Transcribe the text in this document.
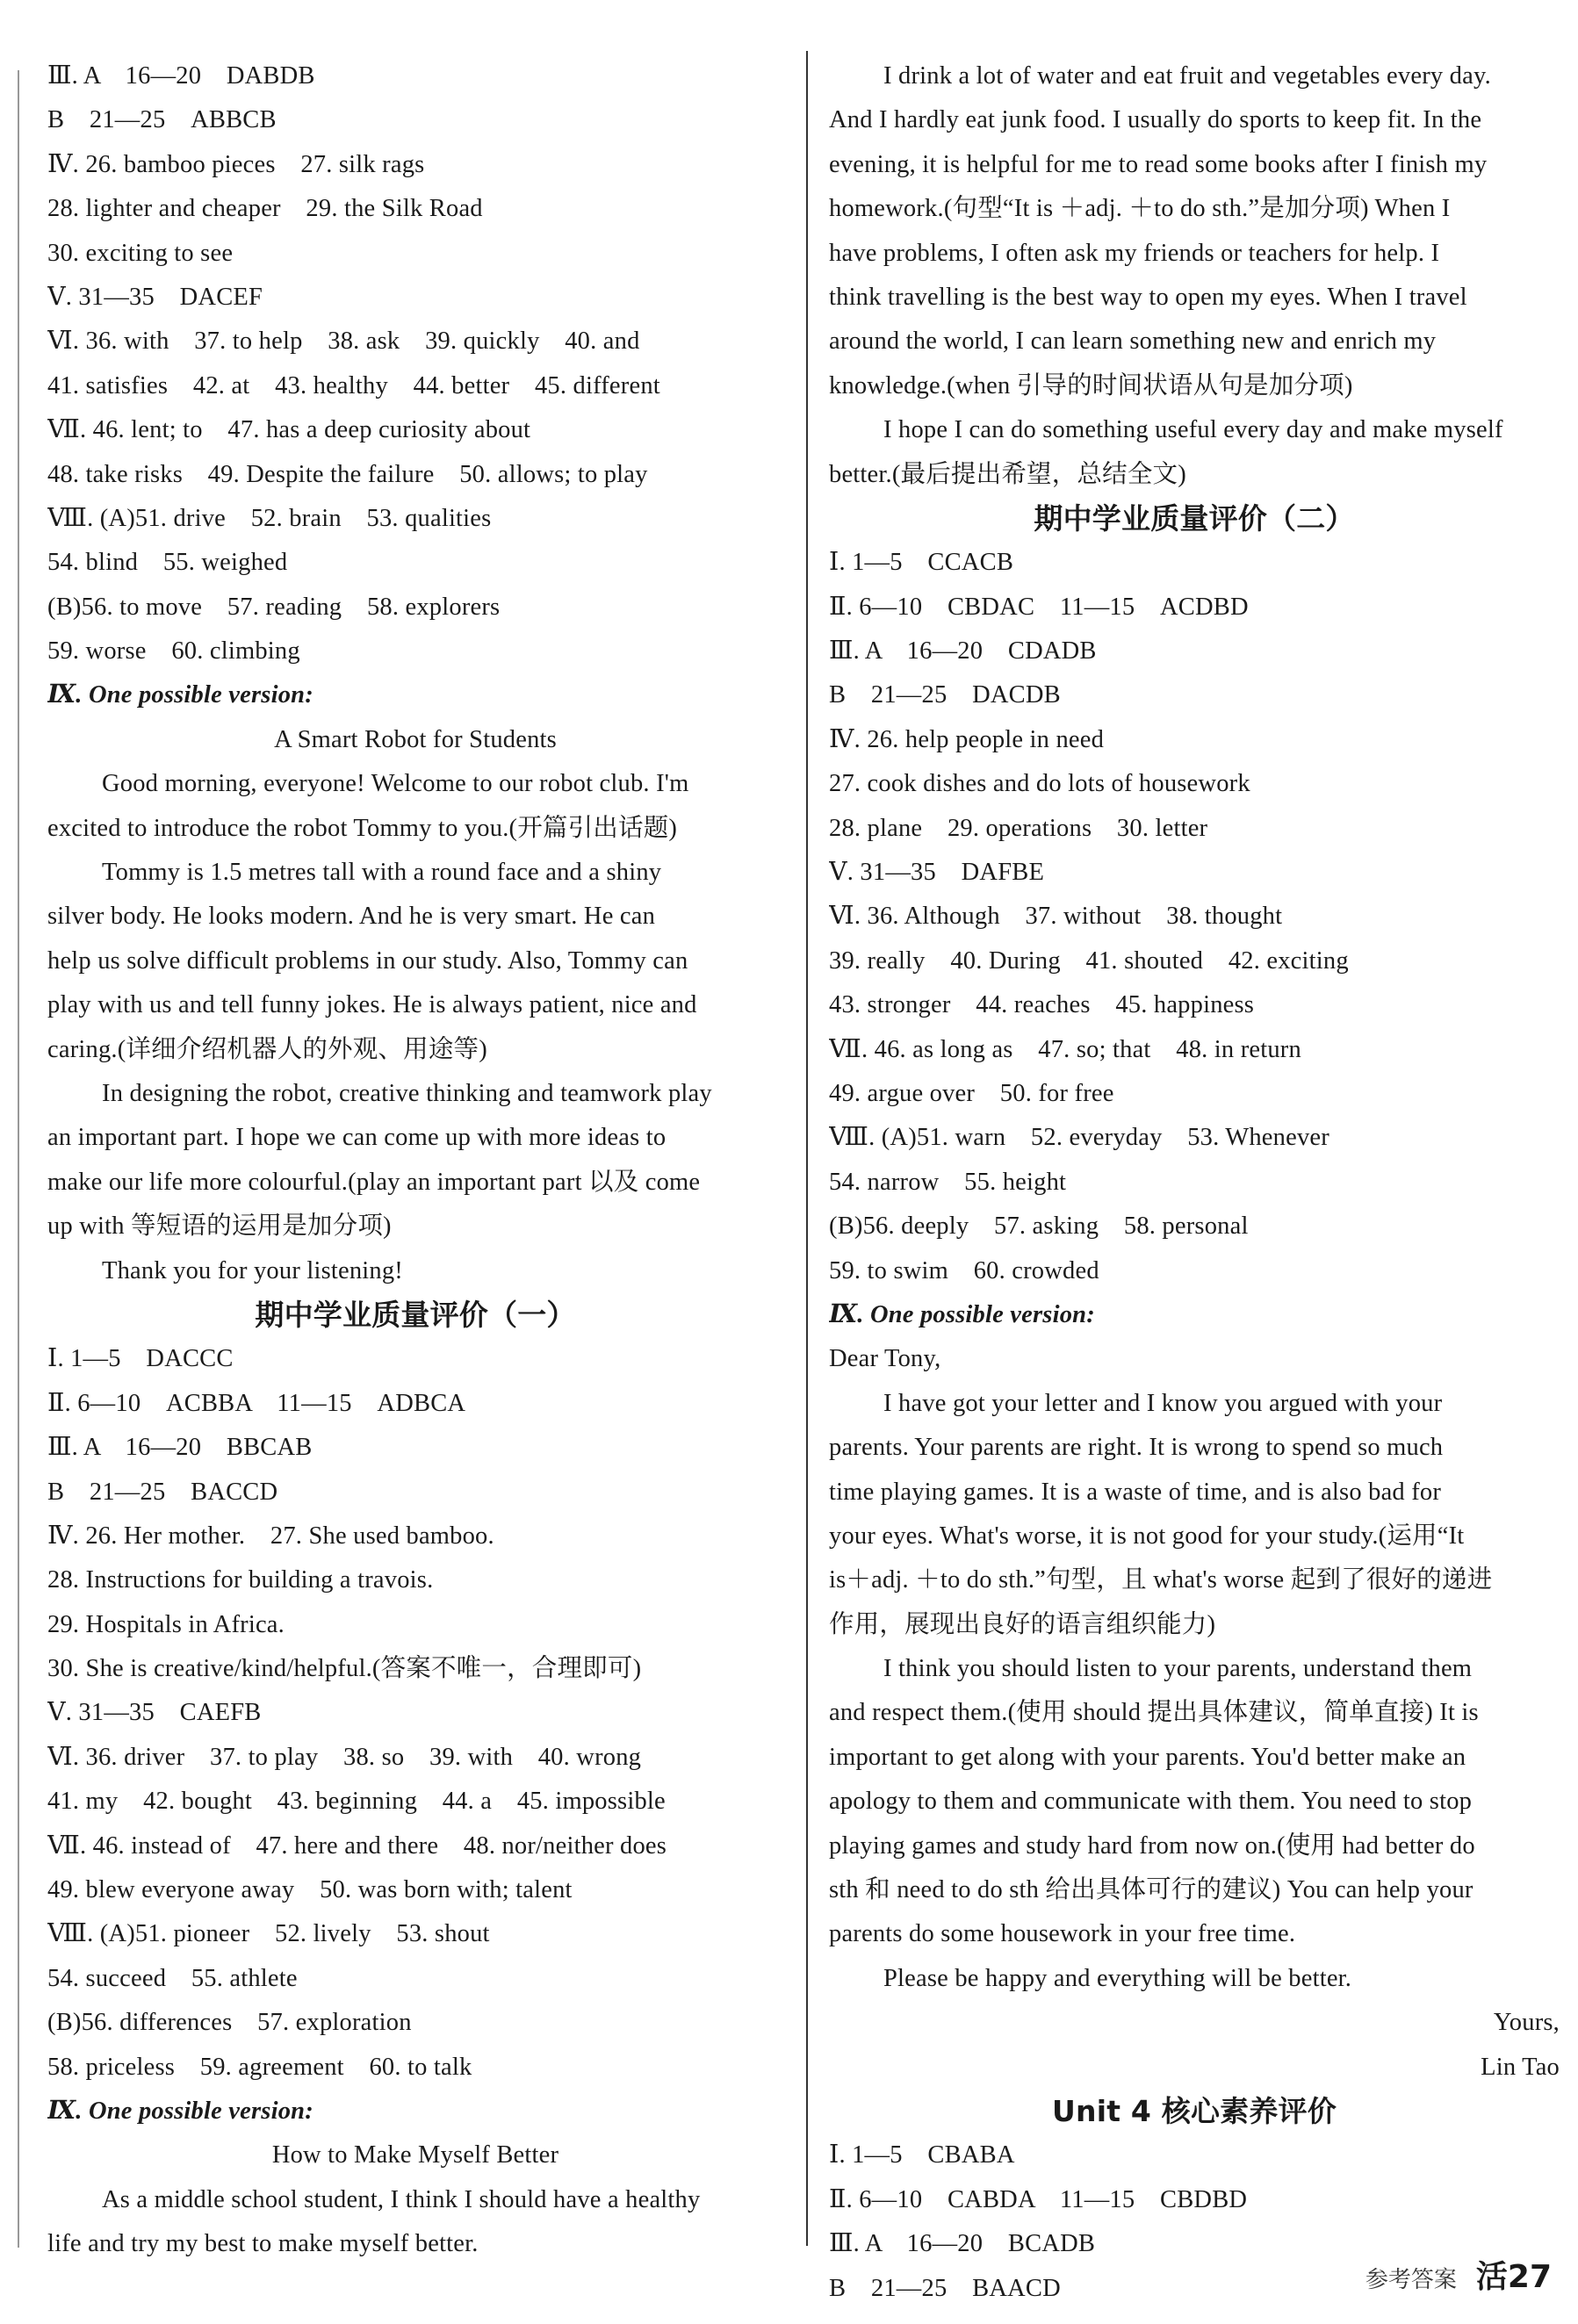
Ⅲ. A　16—20　DABDB
B　21—25　ABBCB
Ⅳ. 26. bamboo pieces　27. silk rags
28. lighter and cheaper　29. the Silk Road
30. exciting to see
Ⅴ. 31—35　DACEF
Ⅵ. 36. with　37. to help　38. ask　39. quickly　40. and
41. satisfies　42. at　43. healthy　44. better　45. different
Ⅶ. 46. lent; to　47. has a deep curiosity about
48. take risks　49. Despite the failure　50. allows; to play
Ⅷ. (A)51. drive　52. brain　53. qualities
54. blind　55. weighed
(B)56. to move　57. reading　58. explorers
59. worse　60. climbing
Ⅸ. One possible version:
A Smart Robot for Students
Good morning, everyone! Welcome to our robot club. I'm
excited to introduce the robot Tommy to you.(开篇引出话题)
Tommy is 1.5 metres tall with a round face and a shiny
silver body. He looks modern. And he is very smart. He can
help us solve difficult problems in our study. Also, Tommy can
play with us and tell funny jokes. He is always patient, nice and
caring.(详细介绍机器人的外观、用途等)
In designing the robot, creative thinking and teamwork play
an important part. I hope we can come up with more ideas to
make our life more colourful.(play an important part 以及 come
up with 等短语的运用是加分项)
Thank you for your listening!
期中学业质量评价（一）
Ⅰ. 1—5　DACCC
Ⅱ. 6—10　ACBBA　11—15　ADBCA
Ⅲ. A　16—20　BBCAB
B　21—25　BACCD
Ⅳ. 26. Her mother.　27. She used bamboo.
28. Instructions for building a travois.
29. Hospitals in Africa.
30. She is creative/kind/helpful.(答案不唯一，合理即可)
Ⅴ. 31—35　CAEFB
Ⅵ. 36. driver　37. to play　38. so　39. with　40. wrong
41. my　42. bought　43. beginning　44. a　45. impossible
Ⅶ. 46. instead of　47. here and there　48. nor/neither does
49. blew everyone away　50. was born with; talent
Ⅷ. (A)51. pioneer　52. lively　53. shout
54. succeed　55. athlete
(B)56. differences　57. exploration
58. priceless　59. agreement　60. to talk
Ⅸ. One possible version:
How to Make Myself Better
As a middle school student, I think I should have a healthy
life and try my best to make myself better.
I drink a lot of water and eat fruit and vegetables every day.
And I hardly eat junk food. I usually do sports to keep fit. In the
evening, it is helpful for me to read some books after I finish my
homework.(句型“It is ＋adj. ＋to do sth.”是加分项) When I
have problems, I often ask my friends or teachers for help. I
think travelling is the best way to open my eyes. When I travel
around the world, I can learn something new and enrich my
knowledge.(when 引导的时间状语从句是加分项)
I hope I can do something useful every day and make myself
better.(最后提出希望，总结全文)
期中学业质量评价（二）
Ⅰ. 1—5　CCACB
Ⅱ. 6—10　CBDAC　11—15　ACDBD
Ⅲ. A　16—20　CDADB
B　21—25　DACDB
Ⅳ. 26. help people in need
27. cook dishes and do lots of housework
28. plane　29. operations　30. letter
Ⅴ. 31—35　DAFBE
Ⅵ. 36. Although　37. without　38. thought
39. really　40. During　41. shouted　42. exciting
43. stronger　44. reaches　45. happiness
Ⅶ. 46. as long as　47. so; that　48. in return
49. argue over　50. for free
Ⅷ. (A)51. warn　52. everyday　53. Whenever
54. narrow　55. height
(B)56. deeply　57. asking　58. personal
59. to swim　60. crowded
Ⅸ. One possible version:
Dear Tony,
I have got your letter and I know you argued with your
parents. Your parents are right. It is wrong to spend so much
time playing games. It is a waste of time, and is also bad for
your eyes. What's worse, it is not good for your study.(运用“It
is＋adj. ＋to do sth.”句型，且 what's worse 起到了很好的递进
作用，展现出良好的语言组织能力)
I think you should listen to your parents, understand them
and respect them.(使用 should 提出具体建议，简单直接) It is
important to get along with your parents. You'd better make an
apology to them and communicate with them. You need to stop
playing games and study hard from now on.(使用 had better do
sth 和 need to do sth 给出具体可行的建议) You can help your
parents do some housework in your free time.
Please be happy and everything will be better.
Yours,
Lin Tao
Unit 4 核心素养评价
Ⅰ. 1—5　CBABA
Ⅱ. 6—10　CABDA　11—15　CBDBD
Ⅲ. A　16—20　BCADB
B　21—25　BAACD	参考答案 活27
